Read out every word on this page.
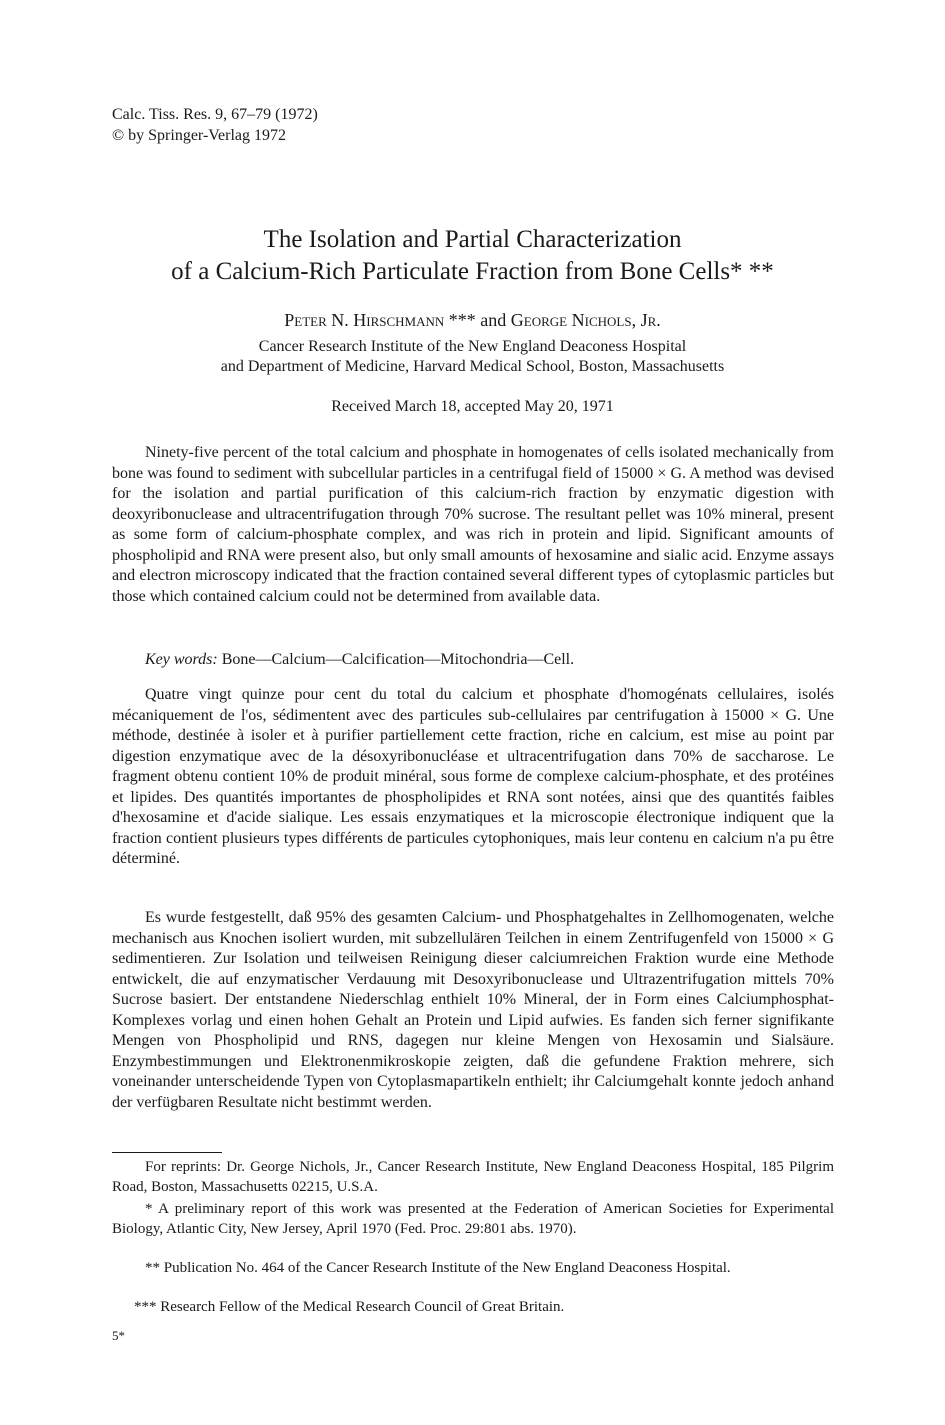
Calc. Tiss. Res. 9, 67–79 (1972)
© by Springer-Verlag 1972
The Isolation and Partial Characterization
of a Calcium-Rich Particulate Fraction from Bone Cells* **
Peter N. Hirschmann *** and George Nichols, Jr.
Cancer Research Institute of the New England Deaconess Hospital
and Department of Medicine, Harvard Medical School, Boston, Massachusetts
Received March 18, accepted May 20, 1971

Ninety-five percent of the total calcium and phosphate in homogenates of cells isolated mechanically from bone was found to sediment with subcellular particles in a centrifugal field of 15000 × G. A method was devised for the isolation and partial purification of this calcium-rich fraction by enzymatic digestion with deoxyribonuclease and ultracentrifugation through 70% sucrose. The resultant pellet was 10% mineral, present as some form of calcium-phosphate complex, and was rich in protein and lipid. Significant amounts of phospholipid and RNA were present also, but only small amounts of hexosamine and sialic acid. Enzyme assays and electron microscopy indicated that the fraction contained several different types of cytoplasmic particles but those which contained calcium could not be determined from available data.

Key words: Bone—Calcium—Calcification—Mitochondria—Cell.

Quatre vingt quinze pour cent du total du calcium et phosphate d'homogénats cellulaires, isolés mécaniquement de l'os, sédimentent avec des particules sub-cellulaires par centrifugation à 15000 × G. Une méthode, destinée à isoler et à purifier partiellement cette fraction, riche en calcium, est mise au point par digestion enzymatique avec de la désoxyribonucléase et ultracentrifugation dans 70% de saccharose. Le fragment obtenu contient 10% de produit minéral, sous forme de complexe calcium-phosphate, et des protéines et lipides. Des quantités importantes de phospholipides et RNA sont notées, ainsi que des quantités faibles d'hexosamine et d'acide sialique. Les essais enzymatiques et la microscopie électronique indiquent que la fraction contient plusieurs types différents de particules cytophoniques, mais leur contenu en calcium n'a pu être déterminé.

Es wurde festgestellt, daß 95% des gesamten Calcium- und Phosphatgehaltes in Zellhomogenaten, welche mechanisch aus Knochen isoliert wurden, mit subzellulären Teilchen in einem Zentrifugenfeld von 15000 × G sedimentieren. Zur Isolation und teilweisen Reinigung dieser calciumreichen Fraktion wurde eine Methode entwickelt, die auf enzymatischer Verdauung mit Desoxyribonuclease und Ultrazentrifugation mittels 70% Sucrose basiert. Der entstandene Niederschlag enthielt 10% Mineral, der in Form eines Calciumphosphat-Komplexes vorlag und einen hohen Gehalt an Protein und Lipid aufwies. Es fanden sich ferner signifikante Mengen von Phospholipid und RNS, dagegen nur kleine Mengen von Hexosamin und Sialsäure. Enzymbestimmungen und Elektronenmikroskopie zeigten, daß die gefundene Fraktion mehrere, sich voneinander unterscheidende Typen von Cytoplasmapartikeln enthielt; ihr Calciumgehalt konnte jedoch anhand der verfügbaren Resultate nicht bestimmt werden.

For reprints: Dr. George Nichols, Jr., Cancer Research Institute, New England Deaconess Hospital, 185 Pilgrim Road, Boston, Massachusetts 02215, U.S.A.

* A preliminary report of this work was presented at the Federation of American Societies for Experimental Biology, Atlantic City, New Jersey, April 1970 (Fed. Proc. 29:801 abs. 1970).

** Publication No. 464 of the Cancer Research Institute of the New England Deaconess Hospital.

*** Research Fellow of the Medical Research Council of Great Britain.

5*
